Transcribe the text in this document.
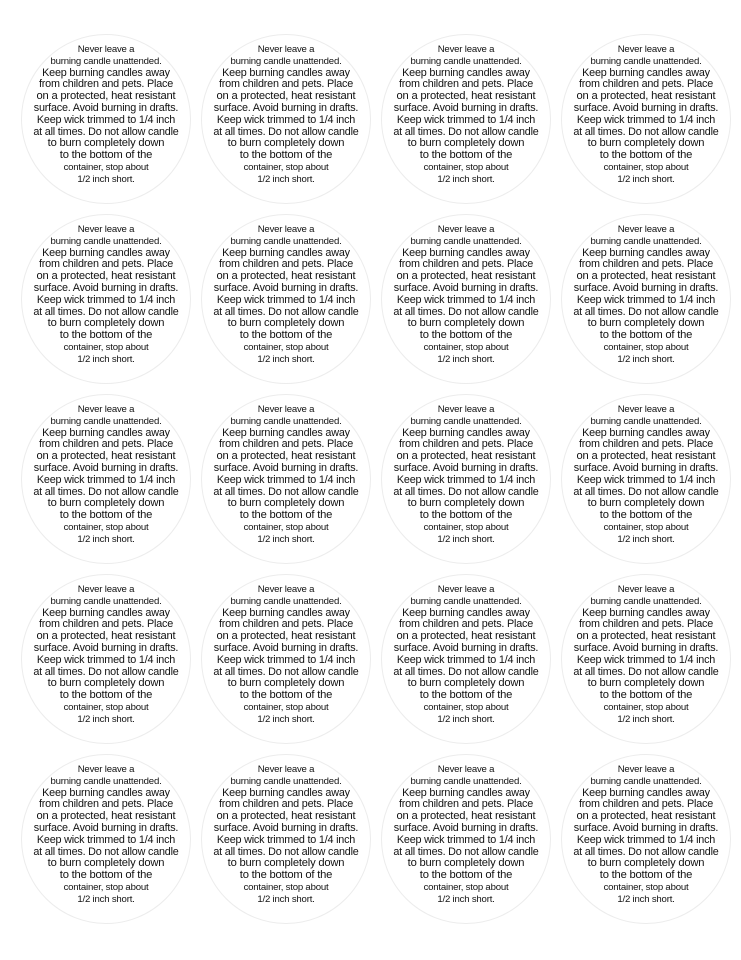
Never leave a
burning candle unattended.
Keep burning candles away
from children and pets. Place
on a protected, heat resistant
surface. Avoid burning in drafts.
Keep wick trimmed to 1/4 inch
at all times. Do not allow candle
to burn completely down
to the bottom of the
container, stop about
1/2 inch short.
Never leave a
burning candle unattended.
Keep burning candles away
from children and pets. Place
on a protected, heat resistant
surface. Avoid burning in drafts.
Keep wick trimmed to 1/4 inch
at all times. Do not allow candle
to burn completely down
to the bottom of the
container, stop about
1/2 inch short.
Never leave a
burning candle unattended.
Keep burning candles away
from children and pets. Place
on a protected, heat resistant
surface. Avoid burning in drafts.
Keep wick trimmed to 1/4 inch
at all times. Do not allow candle
to burn completely down
to the bottom of the
container, stop about
1/2 inch short.
Never leave a
burning candle unattended.
Keep burning candles away
from children and pets. Place
on a protected, heat resistant
surface. Avoid burning in drafts.
Keep wick trimmed to 1/4 inch
at all times. Do not allow candle
to burn completely down
to the bottom of the
container, stop about
1/2 inch short.
Never leave a
burning candle unattended.
Keep burning candles away
from children and pets. Place
on a protected, heat resistant
surface. Avoid burning in drafts.
Keep wick trimmed to 1/4 inch
at all times. Do not allow candle
to burn completely down
to the bottom of the
container, stop about
1/2 inch short.
Never leave a
burning candle unattended.
Keep burning candles away
from children and pets. Place
on a protected, heat resistant
surface. Avoid burning in drafts.
Keep wick trimmed to 1/4 inch
at all times. Do not allow candle
to burn completely down
to the bottom of the
container, stop about
1/2 inch short.
Never leave a
burning candle unattended.
Keep burning candles away
from children and pets. Place
on a protected, heat resistant
surface. Avoid burning in drafts.
Keep wick trimmed to 1/4 inch
at all times. Do not allow candle
to burn completely down
to the bottom of the
container, stop about
1/2 inch short.
Never leave a
burning candle unattended.
Keep burning candles away
from children and pets. Place
on a protected, heat resistant
surface. Avoid burning in drafts.
Keep wick trimmed to 1/4 inch
at all times. Do not allow candle
to burn completely down
to the bottom of the
container, stop about
1/2 inch short.
Never leave a
burning candle unattended.
Keep burning candles away
from children and pets. Place
on a protected, heat resistant
surface. Avoid burning in drafts.
Keep wick trimmed to 1/4 inch
at all times. Do not allow candle
to burn completely down
to the bottom of the
container, stop about
1/2 inch short.
Never leave a
burning candle unattended.
Keep burning candles away
from children and pets. Place
on a protected, heat resistant
surface. Avoid burning in drafts.
Keep wick trimmed to 1/4 inch
at all times. Do not allow candle
to burn completely down
to the bottom of the
container, stop about
1/2 inch short.
Never leave a
burning candle unattended.
Keep burning candles away
from children and pets. Place
on a protected, heat resistant
surface. Avoid burning in drafts.
Keep wick trimmed to 1/4 inch
at all times. Do not allow candle
to burn completely down
to the bottom of the
container, stop about
1/2 inch short.
Never leave a
burning candle unattended.
Keep burning candles away
from children and pets. Place
on a protected, heat resistant
surface. Avoid burning in drafts.
Keep wick trimmed to 1/4 inch
at all times. Do not allow candle
to burn completely down
to the bottom of the
container, stop about
1/2 inch short.
Never leave a
burning candle unattended.
Keep burning candles away
from children and pets. Place
on a protected, heat resistant
surface. Avoid burning in drafts.
Keep wick trimmed to 1/4 inch
at all times. Do not allow candle
to burn completely down
to the bottom of the
container, stop about
1/2 inch short.
Never leave a
burning candle unattended.
Keep burning candles away
from children and pets. Place
on a protected, heat resistant
surface. Avoid burning in drafts.
Keep wick trimmed to 1/4 inch
at all times. Do not allow candle
to burn completely down
to the bottom of the
container, stop about
1/2 inch short.
Never leave a
burning candle unattended.
Keep burning candles away
from children and pets. Place
on a protected, heat resistant
surface. Avoid burning in drafts.
Keep wick trimmed to 1/4 inch
at all times. Do not allow candle
to burn completely down
to the bottom of the
container, stop about
1/2 inch short.
Never leave a
burning candle unattended.
Keep burning candles away
from children and pets. Place
on a protected, heat resistant
surface. Avoid burning in drafts.
Keep wick trimmed to 1/4 inch
at all times. Do not allow candle
to burn completely down
to the bottom of the
container, stop about
1/2 inch short.
Never leave a
burning candle unattended.
Keep burning candles away
from children and pets. Place
on a protected, heat resistant
surface. Avoid burning in drafts.
Keep wick trimmed to 1/4 inch
at all times. Do not allow candle
to burn completely down
to the bottom of the
container, stop about
1/2 inch short.
Never leave a
burning candle unattended.
Keep burning candles away
from children and pets. Place
on a protected, heat resistant
surface. Avoid burning in drafts.
Keep wick trimmed to 1/4 inch
at all times. Do not allow candle
to burn completely down
to the bottom of the
container, stop about
1/2 inch short.
Never leave a
burning candle unattended.
Keep burning candles away
from children and pets. Place
on a protected, heat resistant
surface. Avoid burning in drafts.
Keep wick trimmed to 1/4 inch
at all times. Do not allow candle
to burn completely down
to the bottom of the
container, stop about
1/2 inch short.
Never leave a
burning candle unattended.
Keep burning candles away
from children and pets. Place
on a protected, heat resistant
surface. Avoid burning in drafts.
Keep wick trimmed to 1/4 inch
at all times. Do not allow candle
to burn completely down
to the bottom of the
container, stop about
1/2 inch short.
